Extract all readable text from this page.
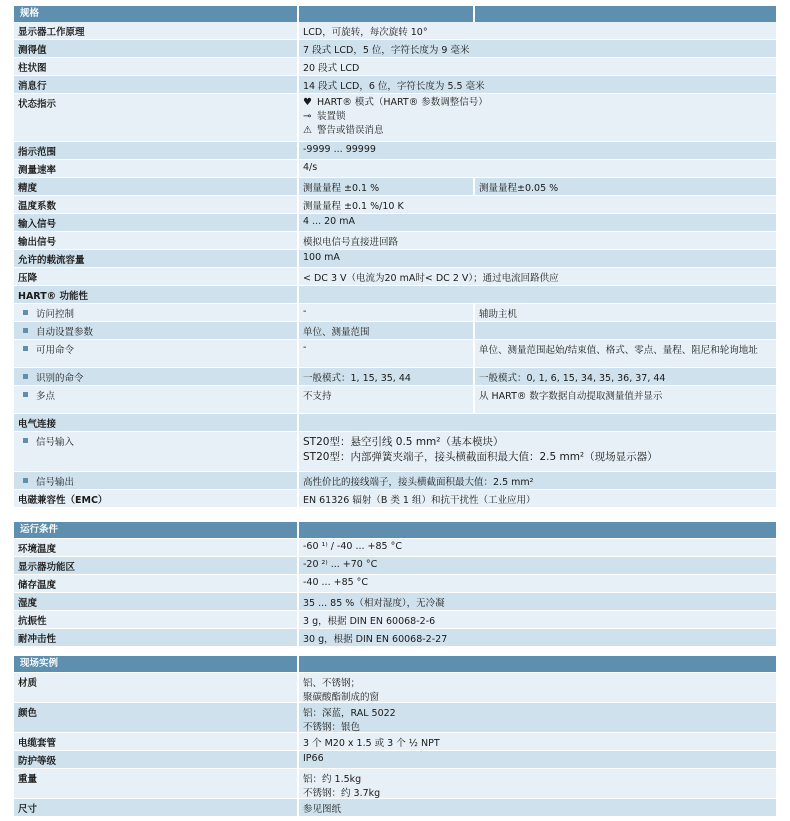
规格
显示器工作原理	LCD，可旋转，每次旋转 10°
测得值	7 段式 LCD，5 位，字符长度为 9 毫米
柱状图	20 段式 LCD
消息行	14 段式 LCD，6 位，字符长度为 5.5 毫米
状态指示	♥ HART® 模式（HART® 参数调整信号）
⊸ 装置锁
⚠ 警告或错误消息
指示范围	-9999 ... 99999
测量速率	4/s
精度	测量量程 ±0.1 %	测量量程±0.05 %
温度系数	测量量程 ±0.1 %/10 K
输入信号	4 ... 20 mA
输出信号	模拟电信号直接进回路
允许的载流容量	100 mA
压降	< DC 3 V（电流为20 mA时< DC 2 V）；通过电流回路供应
HART® 功能性
访问控制	-	辅助主机
自动设置参数	单位、测量范围
可用命令	-	单位、测量范围起始/结束值、格式、零点、量程、阻尼和轮询地址
识别的命令	一般模式：1, 15, 35, 44	一般模式：0, 1, 6, 15, 34, 35, 36, 37, 44
多点	不支持	从 HART® 数字数据自动提取测量值并显示
电气连接
信号输入	ST20型：悬空引线 0.5 mm²（基本模块）
ST20型：内部弹簧夹端子，接头横截面积最大值：2.5 mm²（现场显示器）
信号输出	高性价比的接线端子，接头横截面积最大值：2.5 mm²
电磁兼容性（EMC）	EN 61326 辐射（B 类 1 组）和抗干扰性（工业应用）
运行条件
环境温度	-60 ¹⁾ / -40 ... +85 °C
显示器功能区	-20 ²⁾ ... +70 °C
储存温度	-40 ... +85 °C
湿度	35 ... 85 %（相对湿度），无冷凝
抗振性	3 g，根据 DIN EN 60068-2-6
耐冲击性	30 g，根据 DIN EN 60068-2-27
现场实例
材质	铝、不锈钢；
聚碳酸酯制成的窗
颜色	铝：深蓝，RAL 5022
不锈钢：银色
电缆套管	3 个 M20 x 1.5 或 3 个 ½ NPT
防护等级	IP66
重量	铝：约 1.5kg
不锈钢：约 3.7kg
尺寸	参见图纸
